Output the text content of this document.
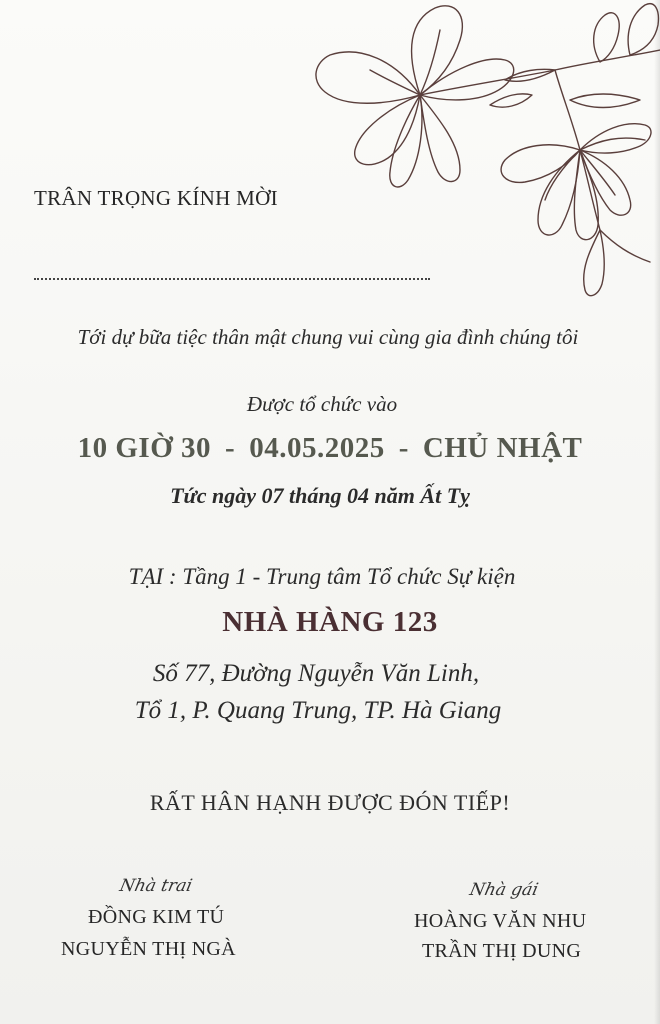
TRÂN TRỌNG KÍNH MỜI
Tới dự bữa tiệc thân mật chung vui cùng gia đình chúng tôi
Được tổ chức vào
10 GIỜ 30 - 04.05.2025 - CHỦ NHẬT
Tức ngày 07 tháng 04 năm Ất Tỵ
TẠI : Tầng 1 - Trung tâm Tổ chức Sự kiện
NHÀ HÀNG 123
Số 77, Đường Nguyễn Văn Linh,
Tổ 1, P. Quang Trung, TP. Hà Giang
RẤT HÂN HẠNH ĐƯỢC ĐÓN TIẾP!
Nhà trai
ĐỒNG KIM TÚ
NGUYỄN THỊ NGÀ
Nhà gái
HOÀNG VĂN NHU
TRẦN THỊ DUNG
